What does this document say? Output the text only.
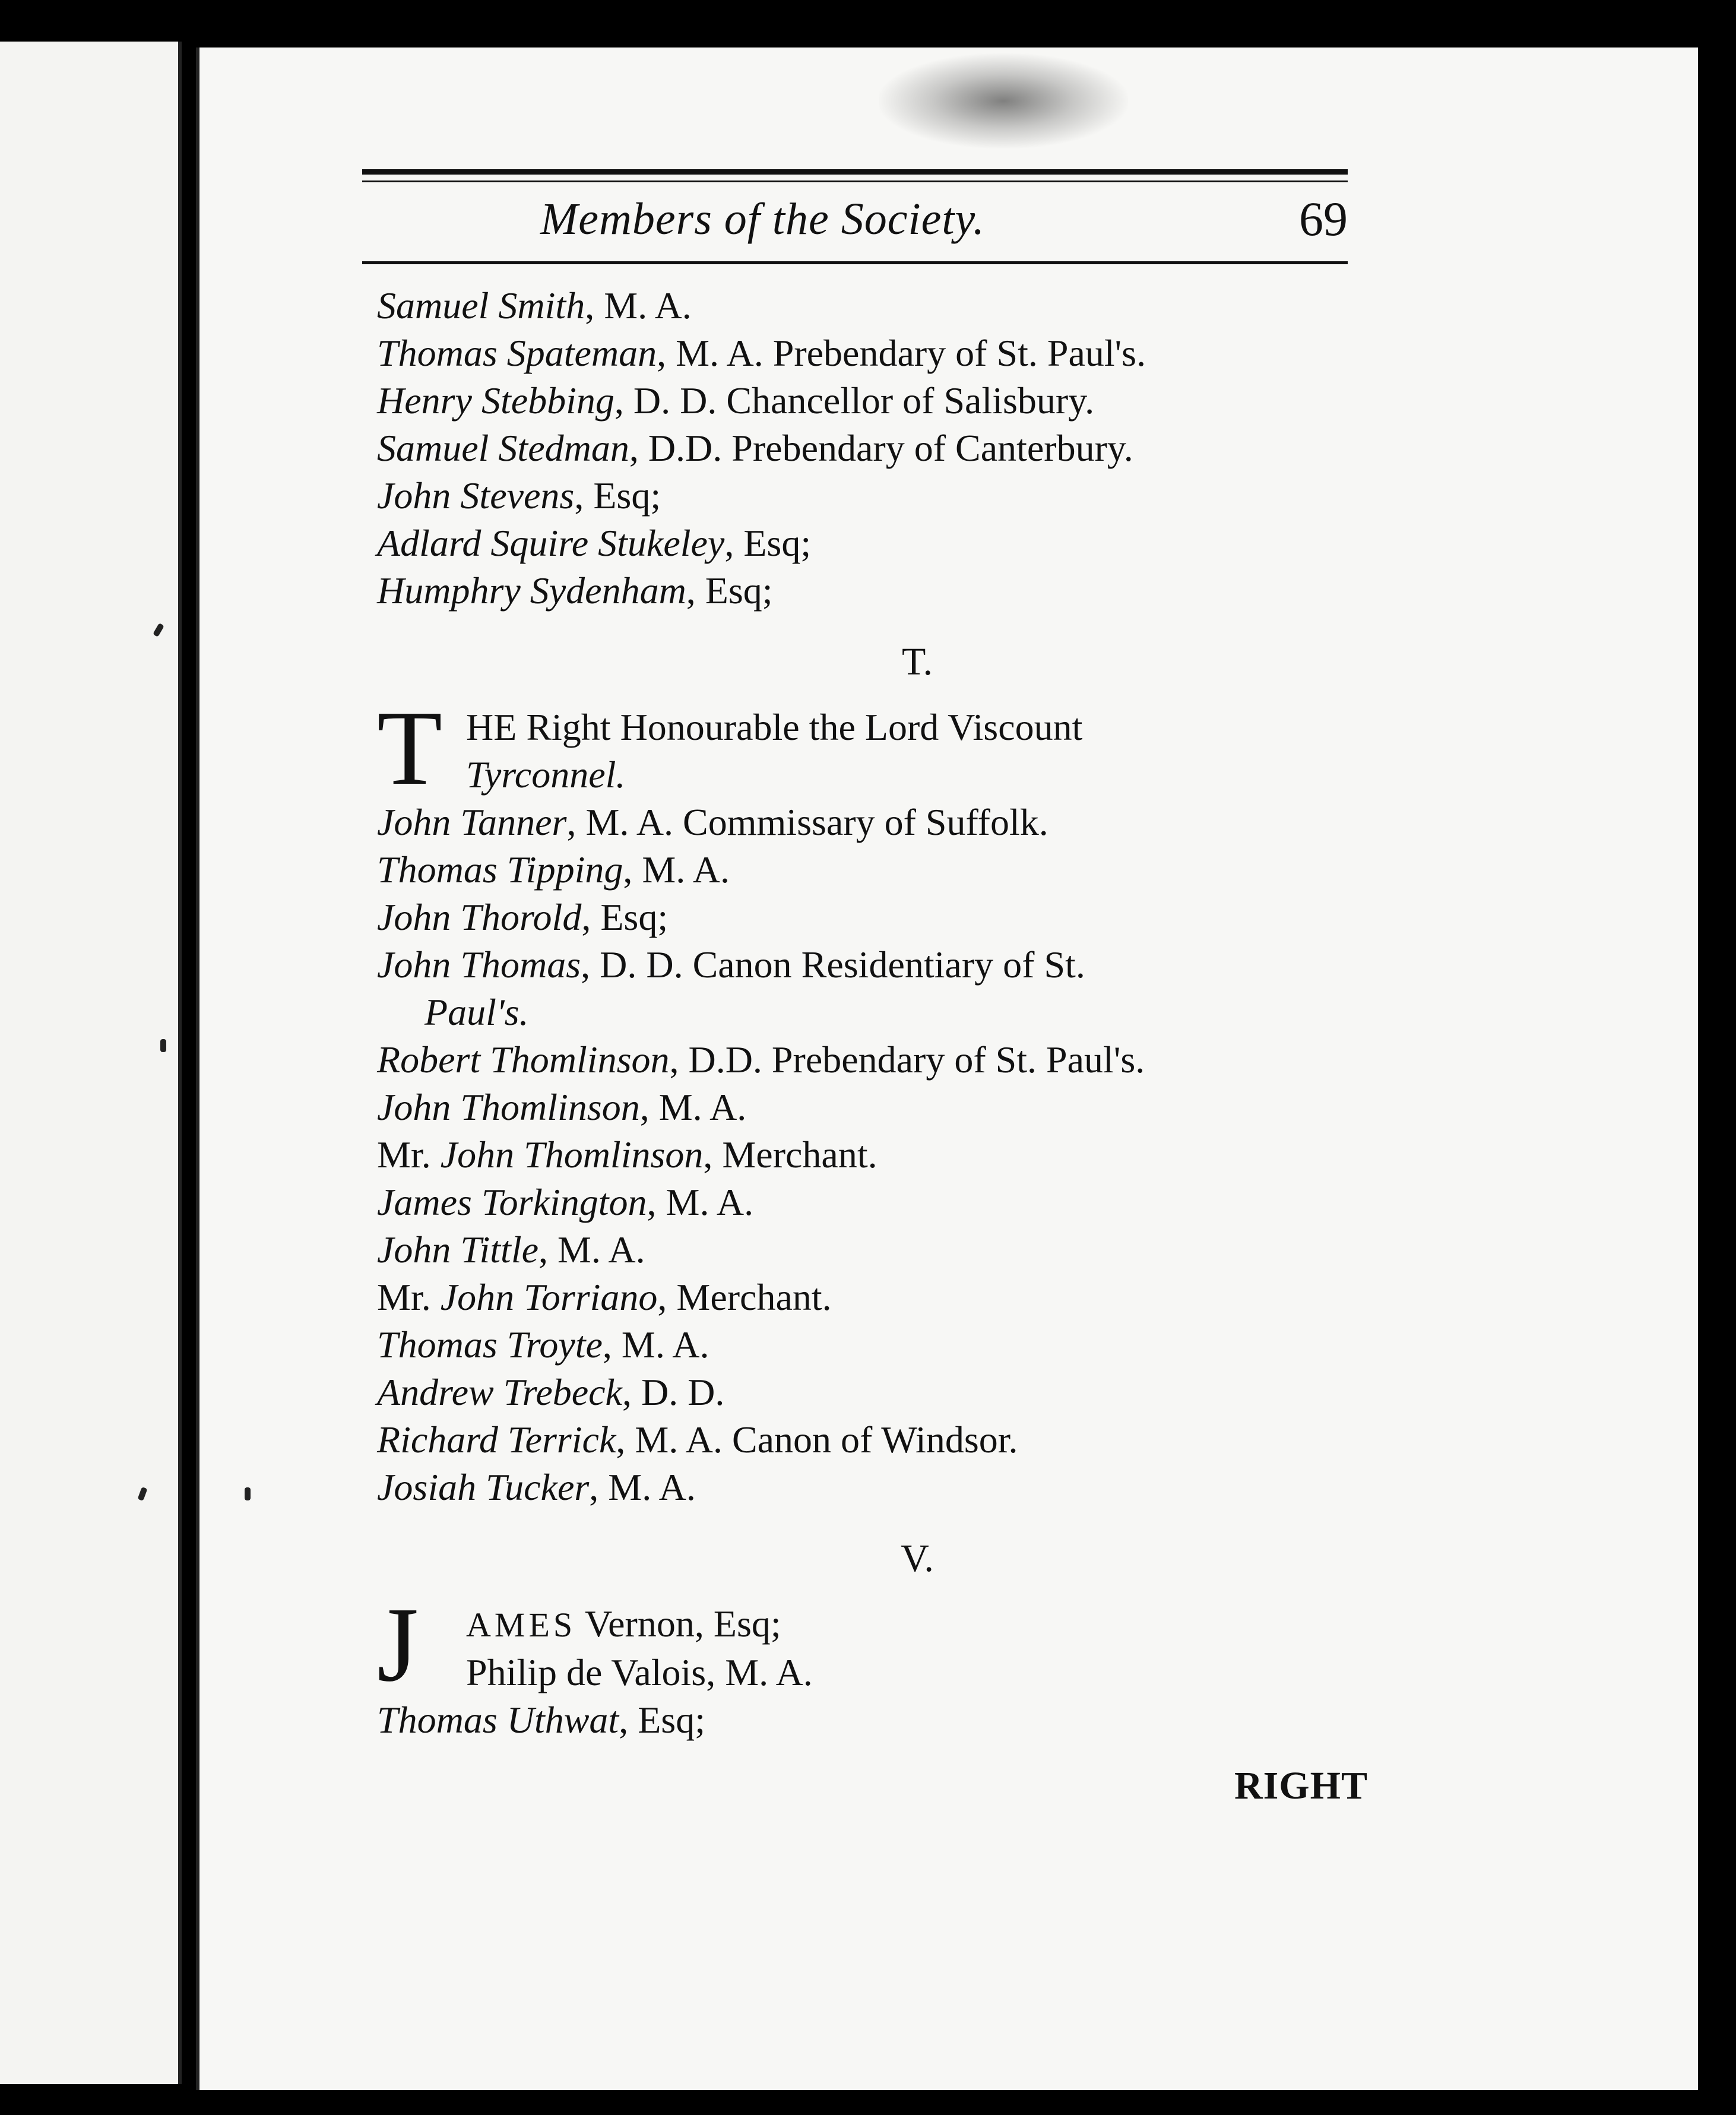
Members of the Society.	69
Samuel Smith, M. A.
Thomas Spateman, M. A. Prebendary of St. Paul's.
Henry Stebbing, D. D. Chancellor of Salisbury.
Samuel Stedman, D.D. Prebendary of Canterbury.
John Stevens, Esq;
Adlard Squire Stukeley, Esq;
Humphry Sydenham, Esq;
T.
T HE Right Honourable the Lord Viscount
Tyrconnel.
John Tanner, M. A. Commissary of Suffolk.
Thomas Tipping, M. A.
John Thorold, Esq;
John Thomas, D. D. Canon Residentiary of St.
Paul's.
Robert Thomlinson, D.D. Prebendary of St. Paul's.
John Thomlinson, M. A.
Mr. John Thomlinson, Merchant.
James Torkington, M. A.
John Tittle, M. A.
Mr. John Torriano, Merchant.
Thomas Troyte, M. A.
Andrew Trebeck, D. D.
Richard Terrick, M. A. Canon of Windsor.
Josiah Tucker, M. A.
V.
J AMES Vernon, Esq;
Philip de Valois, M. A.
Thomas Uthwat, Esq;
RIGHT
